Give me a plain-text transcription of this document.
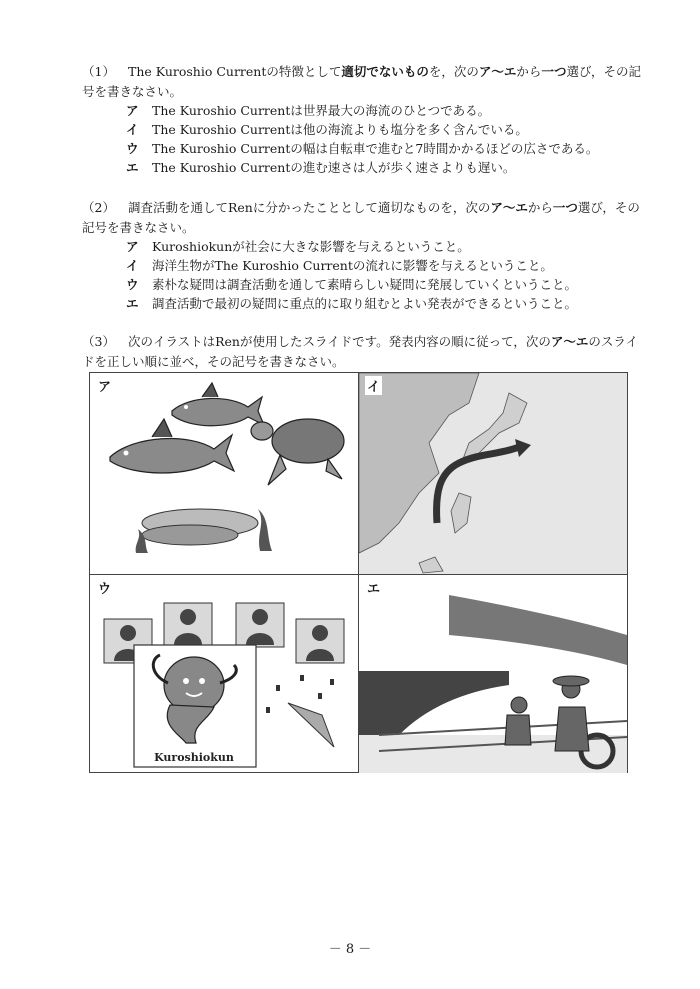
（1） The Kuroshio Currentの特徴として適切でないものを，次のア～エから一つ選び，その記号を書きなさい。
ア The Kuroshio Currentは世界最大の海流のひとつである。
イ The Kuroshio Currentは他の海流よりも塩分を多く含んでいる。
ウ The Kuroshio Currentの幅は自転車で進むと7時間かかるほどの広さである。
エ The Kuroshio Currentの進む速さは人が歩く速さよりも遅い。
（2） 調査活動を通してRenに分かったこととして適切なものを，次のア～エから一つ選び，その記号を書きなさい。
ア Kuroshiokunが社会に大きな影響を与えるということ。
イ 海洋生物がThe Kuroshio Currentの流れに影響を与えるということ。
ウ 素朴な疑問は調査活動を通して素晴らしい疑問に発展していくということ。
エ 調査活動で最初の疑問に重点的に取り組むとよい発表ができるということ。
（3） 次のイラストはRenが使用したスライドです。発表内容の順に従って，次のア～エのスライドを正しい順に並べ，その記号を書きなさい。
ア	イ
Kuroshiokun
ウ	エ
－ 8 －
